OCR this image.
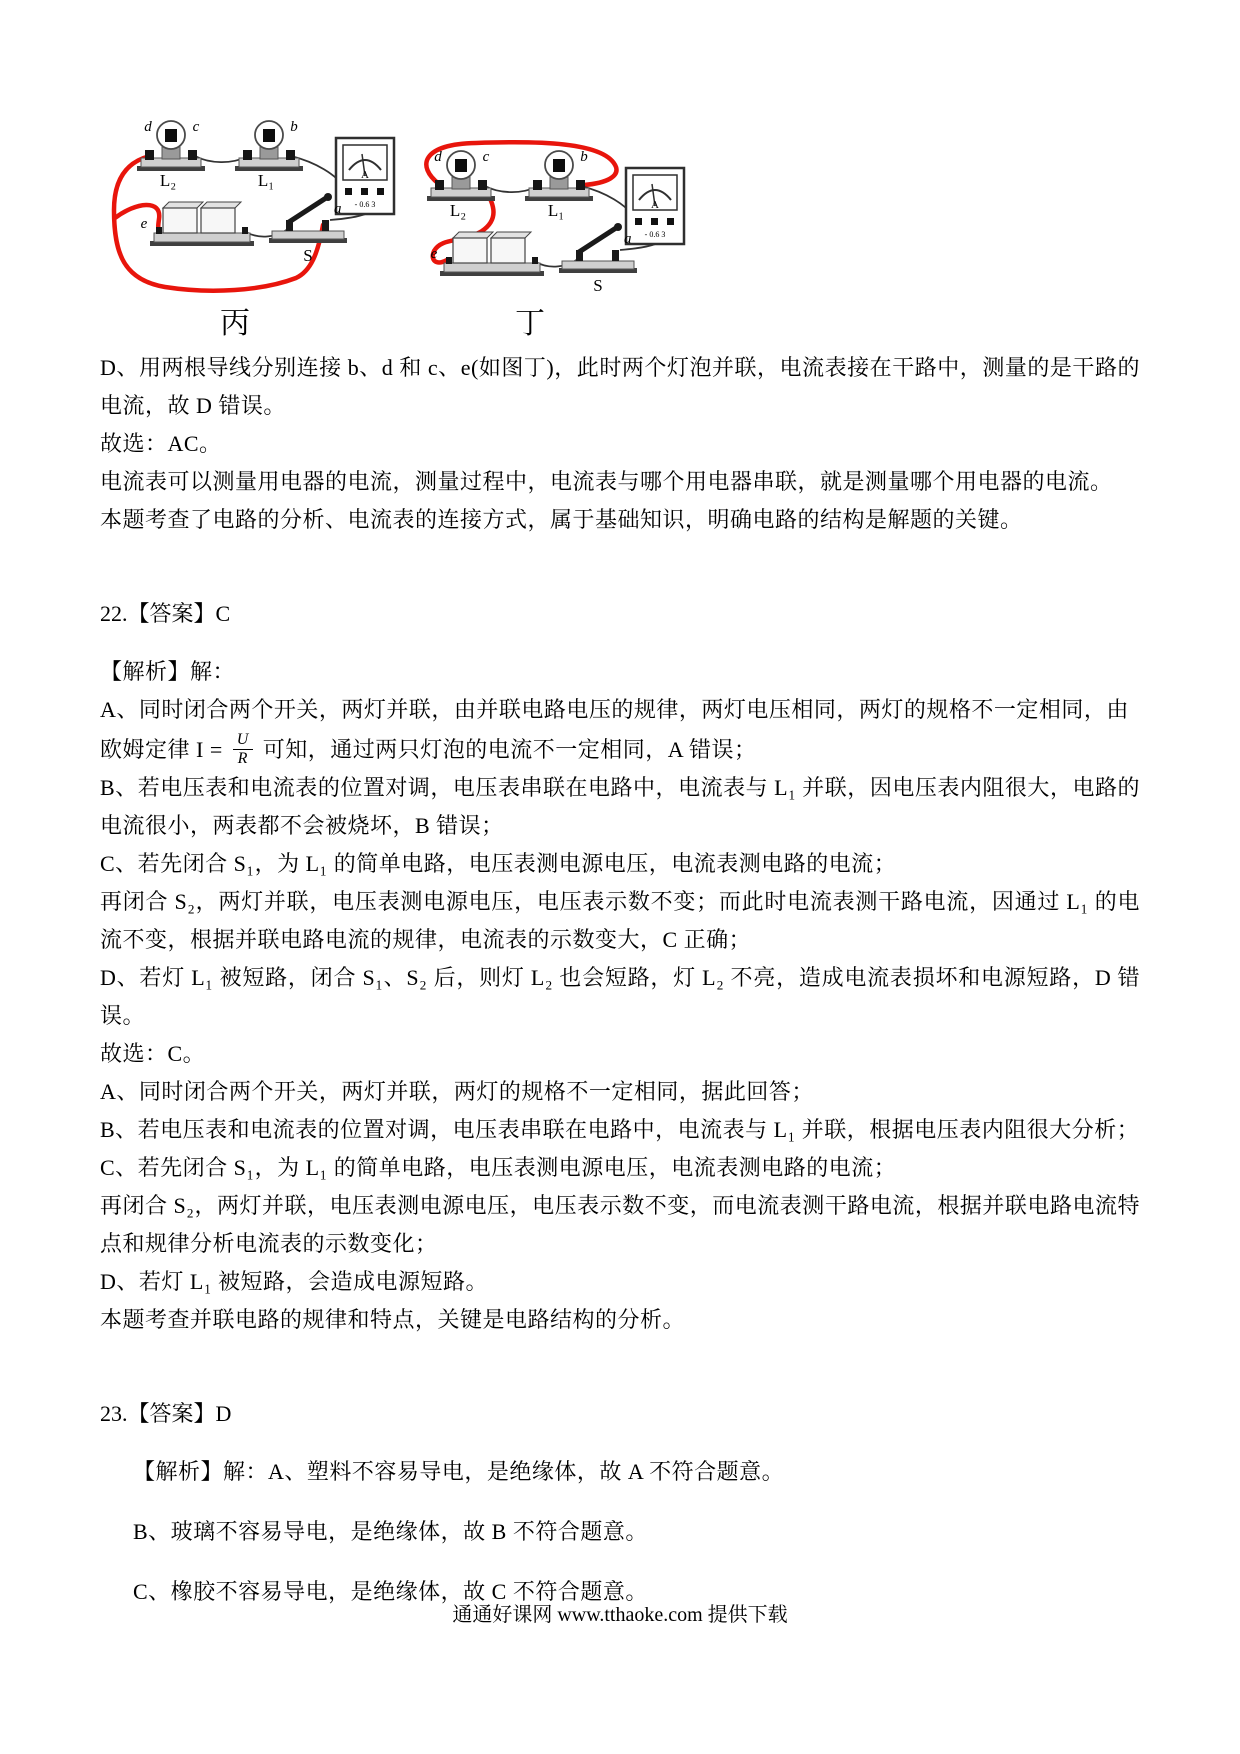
d	c	b
L₂	L₁
e
a
S
A
- 0.6 3
d	c	b
L₂	L₁
e
a
S
A
- 0.6 3
丙	丁

D、用两根导线分别连接 b、d 和 c、e(如图丁)，此时两个灯泡并联，电流表接在干路中，测量的是干路的电流，故 D 错误。

故选：AC。

电流表可以测量用电器的电流，测量过程中，电流表与哪个用电器串联，就是测量哪个用电器的电流。

本题考查了电路的分析、电流表的连接方式，属于基础知识，明确电路的结构是解题的关键。

22.【答案】C

【解析】解：

A、同时闭合两个开关，两灯并联，由并联电路电压的规律，两灯电压相同，两灯的规格不一定相同，由

欧姆定律 $I = \frac{U}{R}$ 可知，通过两只灯泡的电流不一定相同，A 错误；

B、若电压表和电流表的位置对调，电压表串联在电路中，电流表与 L₁ 并联，因电压表内阻很大，电路的电流很小，两表都不会被烧坏，B 错误；

C、若先闭合 S₁，为 L₁ 的简单电路，电压表测电源电压，电流表测电路的电流；

再闭合 S₂，两灯并联，电压表测电源电压，电压表示数不变；而此时电流表测干路电流，因通过 L₁ 的电流不变，根据并联电路电流的规律，电流表的示数变大，C 正确；

D、若灯 L₁ 被短路，闭合 S₁、S₂ 后，则灯 L₂ 也会短路，灯 L₂ 不亮，造成电流表损坏和电源短路，D 错误。

故选：C。

A、同时闭合两个开关，两灯并联，两灯的规格不一定相同，据此回答；

B、若电压表和电流表的位置对调，电压表串联在电路中，电流表与 L₁ 并联，根据电压表内阻很大分析；

C、若先闭合 S₁，为 L₁ 的简单电路，电压表测电源电压，电流表测电路的电流；

再闭合 S₂，两灯并联，电压表测电源电压，电压表示数不变，而电流表测干路电流，根据并联电路电流特点和规律分析电流表的示数变化；

D、若灯 L₁ 被短路，会造成电源短路。

本题考查并联电路的规律和特点，关键是电路结构的分析。

23.【答案】D

【解析】解：A、塑料不容易导电，是绝缘体，故 A 不符合题意。

B、玻璃不容易导电，是绝缘体，故 B 不符合题意。

C、橡胶不容易导电，是绝缘体，故 C 不符合题意。

通通好课网 www.tthaoke.com 提供下载
